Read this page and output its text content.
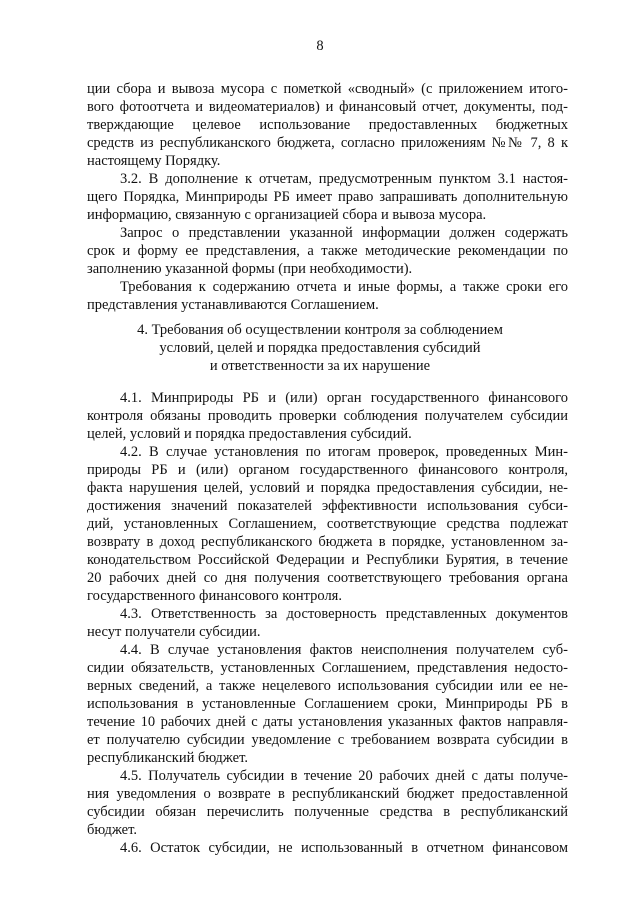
8
ции сбора и вывоза мусора с пометкой «сводный» (с приложением итого-
вого фотоотчета и видеоматериалов) и финансовый отчет, документы, под-
тверждающие целевое использование предоставленных бюджетных
средств из республиканского бюджета, согласно приложениям №№ 7, 8 к
настоящему Порядку.
3.2. В дополнение к отчетам, предусмотренным пунктом 3.1 настоя-
щего Порядка, Минприроды РБ имеет право запрашивать дополнительную
информацию, связанную с организацией сбора и вывоза мусора.
Запрос о представлении указанной информации должен содержать
срок и форму ее представления, а также методические рекомендации по
заполнению указанной формы (при необходимости).
Требования к содержанию отчета и иные формы, а также сроки его
представления устанавливаются Соглашением.
4. Требования об осуществлении контроля за соблюдением
условий, целей и порядка предоставления субсидий
и ответственности за их нарушение
4.1. Минприроды РБ и (или) орган государственного финансового
контроля обязаны проводить проверки соблюдения получателем субсидии
целей, условий и порядка предоставления субсидий.
4.2. В случае установления по итогам проверок, проведенных Мин-
природы РБ и (или) органом государственного финансового контроля,
факта нарушения целей, условий и порядка предоставления субсидии, не-
достижения значений показателей эффективности использования субси-
дий, установленных Соглашением, соответствующие средства подлежат
возврату в доход республиканского бюджета в порядке, установленном за-
конодательством Российской Федерации и Республики Бурятия, в течение
20 рабочих дней со дня получения соответствующего требования органа
государственного финансового контроля.
4.3. Ответственность за достоверность представленных документов
несут получатели субсидии.
4.4. В случае установления фактов неисполнения получателем суб-
сидии обязательств, установленных Соглашением, представления недосто-
верных сведений, а также нецелевого использования субсидии или ее не-
использования в установленные Соглашением сроки, Минприроды РБ в
течение 10 рабочих дней с даты установления указанных фактов направля-
ет получателю субсидии уведомление с требованием возврата субсидии в
республиканский бюджет.
4.5. Получатель субсидии в течение 20 рабочих дней с даты получе-
ния уведомления о возврате в республиканский бюджет предоставленной
субсидии обязан перечислить полученные средства в республиканский
бюджет.
4.6. Остаток субсидии, не использованный в отчетном финансовом
